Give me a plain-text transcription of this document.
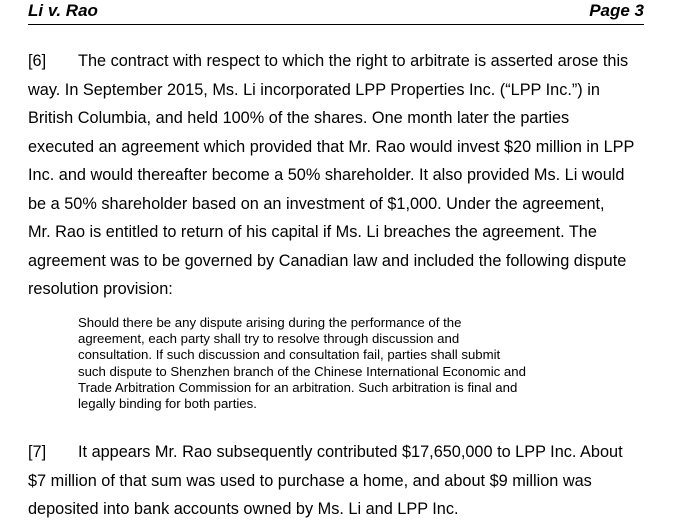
Li v. Rao	Page 3
[6] The contract with respect to which the right to arbitrate is asserted arose this
way. In September 2015, Ms. Li incorporated LPP Properties Inc. (“LPP Inc.”) in
British Columbia, and held 100% of the shares. One month later the parties
executed an agreement which provided that Mr. Rao would invest $20 million in LPP
Inc. and would thereafter become a 50% shareholder. It also provided Ms. Li would
be a 50% shareholder based on an investment of $1,000. Under the agreement,
Mr. Rao is entitled to return of his capital if Ms. Li breaches the agreement. The
agreement was to be governed by Canadian law and included the following dispute
resolution provision:
Should there be any dispute arising during the performance of the
agreement, each party shall try to resolve through discussion and
consultation. If such discussion and consultation fail, parties shall submit
such dispute to Shenzhen branch of the Chinese International Economic and
Trade Arbitration Commission for an arbitration. Such arbitration is final and
legally binding for both parties.
[7] It appears Mr. Rao subsequently contributed $17,650,000 to LPP Inc. About
$7 million of that sum was used to purchase a home, and about $9 million was
deposited into bank accounts owned by Ms. Li and LPP Inc.
